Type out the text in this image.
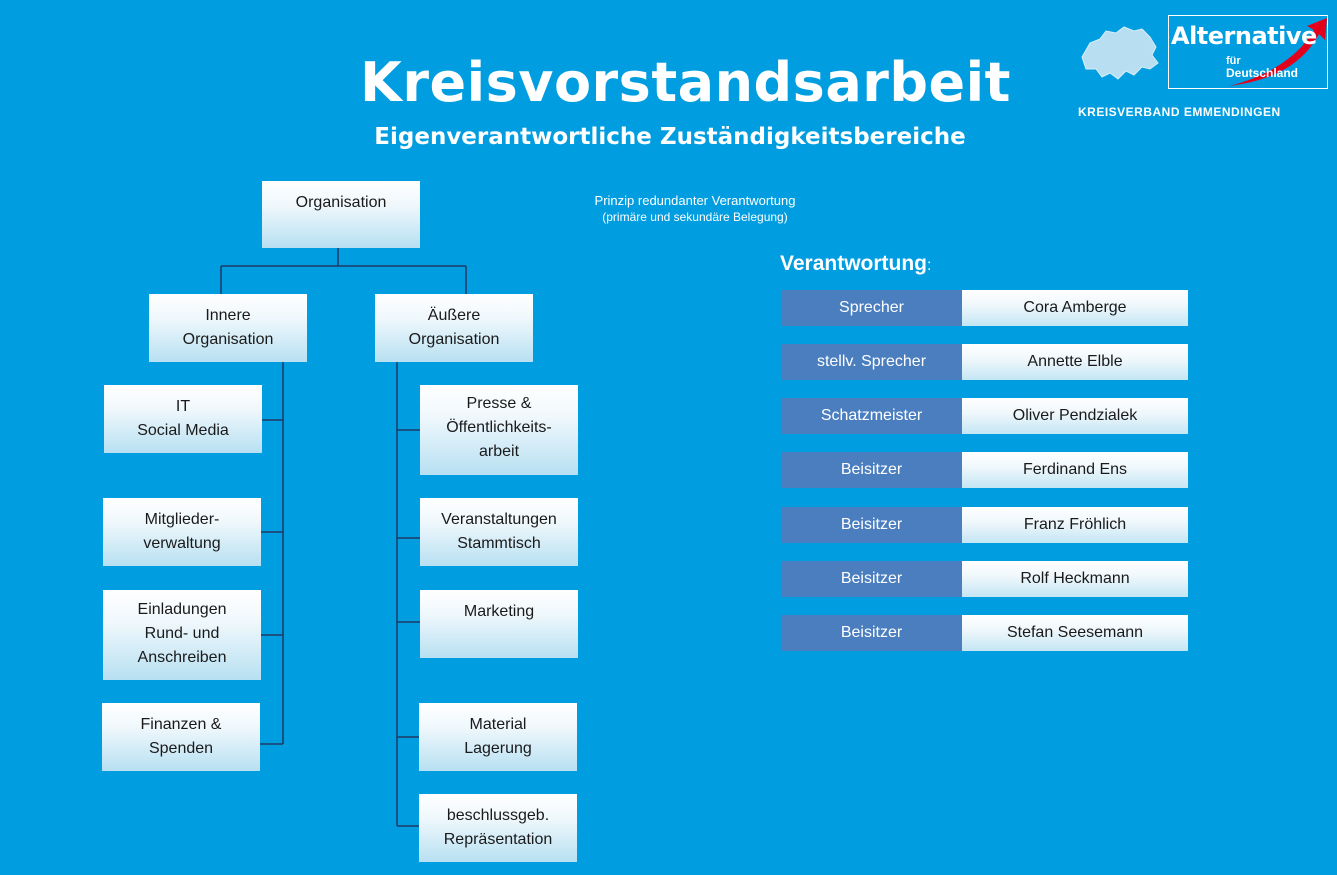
Kreisvorstandsarbeit
Eigenverantwortliche Zuständigkeitsbereiche
Alternative
für
Deutschland
KREISVERBAND EMMENDINGEN
Organisation
Innere
Organisation
Äußere
Organisation
IT
Social Media
Mitglieder-
verwaltung
Einladungen
Rund- und
Anschreiben
Finanzen &
Spenden
Presse &
Öffentlichkeits-
arbeit
Veranstaltungen
Stammtisch
Marketing
Material
Lagerung
beschlussgeb.
Repräsentation
Prinzip redundanter Verantwortung
(primäre und sekundäre Belegung)
Verantwortung:
Sprecher	Cora Amberge
stellv. Sprecher	Annette Elble
Schatzmeister	Oliver Pendzialek
Beisitzer	Ferdinand Ens
Beisitzer	Franz Fröhlich
Beisitzer	Rolf Heckmann
Beisitzer	Stefan Seesemann
